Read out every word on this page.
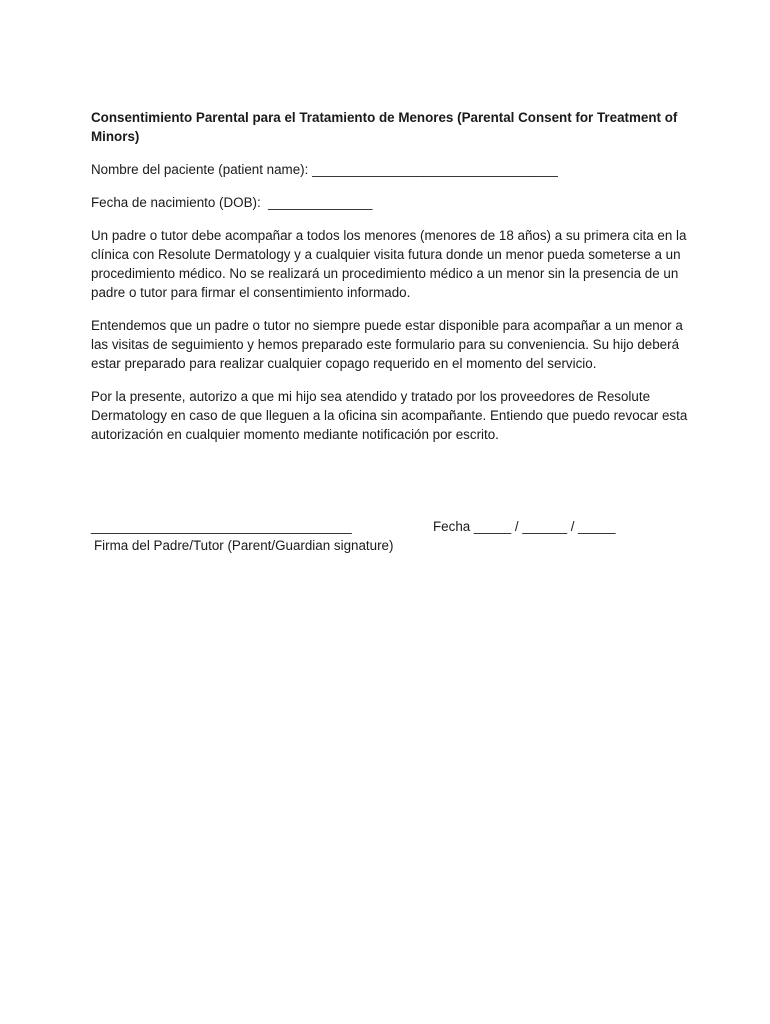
Consentimiento Parental para el Tratamiento de Menores (Parental Consent for Treatment of Minors)
Nombre del paciente (patient name): _________________________________
Fecha de nacimiento (DOB):  ______________

Un padre o tutor debe acompañar a todos los menores (menores de 18 años) a su primera cita en la clínica con Resolute Dermatology y a cualquier visita futura donde un menor pueda someterse a un procedimiento médico. No se realizará un procedimiento médico a un menor sin la presencia de un padre o tutor para firmar el consentimiento informado.

Entendemos que un padre o tutor no siempre puede estar disponible para acompañar a un menor a las visitas de seguimiento y hemos preparado este formulario para su conveniencia. Su hijo deberá estar preparado para realizar cualquier copago requerido en el momento del servicio.

Por la presente, autorizo a que mi hijo sea atendido y tratado por los proveedores de Resolute Dermatology en caso de que lleguen a la oficina sin acompañante. Entiendo que puedo revocar esta autorización en cualquier momento mediante notificación por escrito.

___________________________________	Fecha _____ / ______ / _____
Firma del Padre/Tutor (Parent/Guardian signature)
